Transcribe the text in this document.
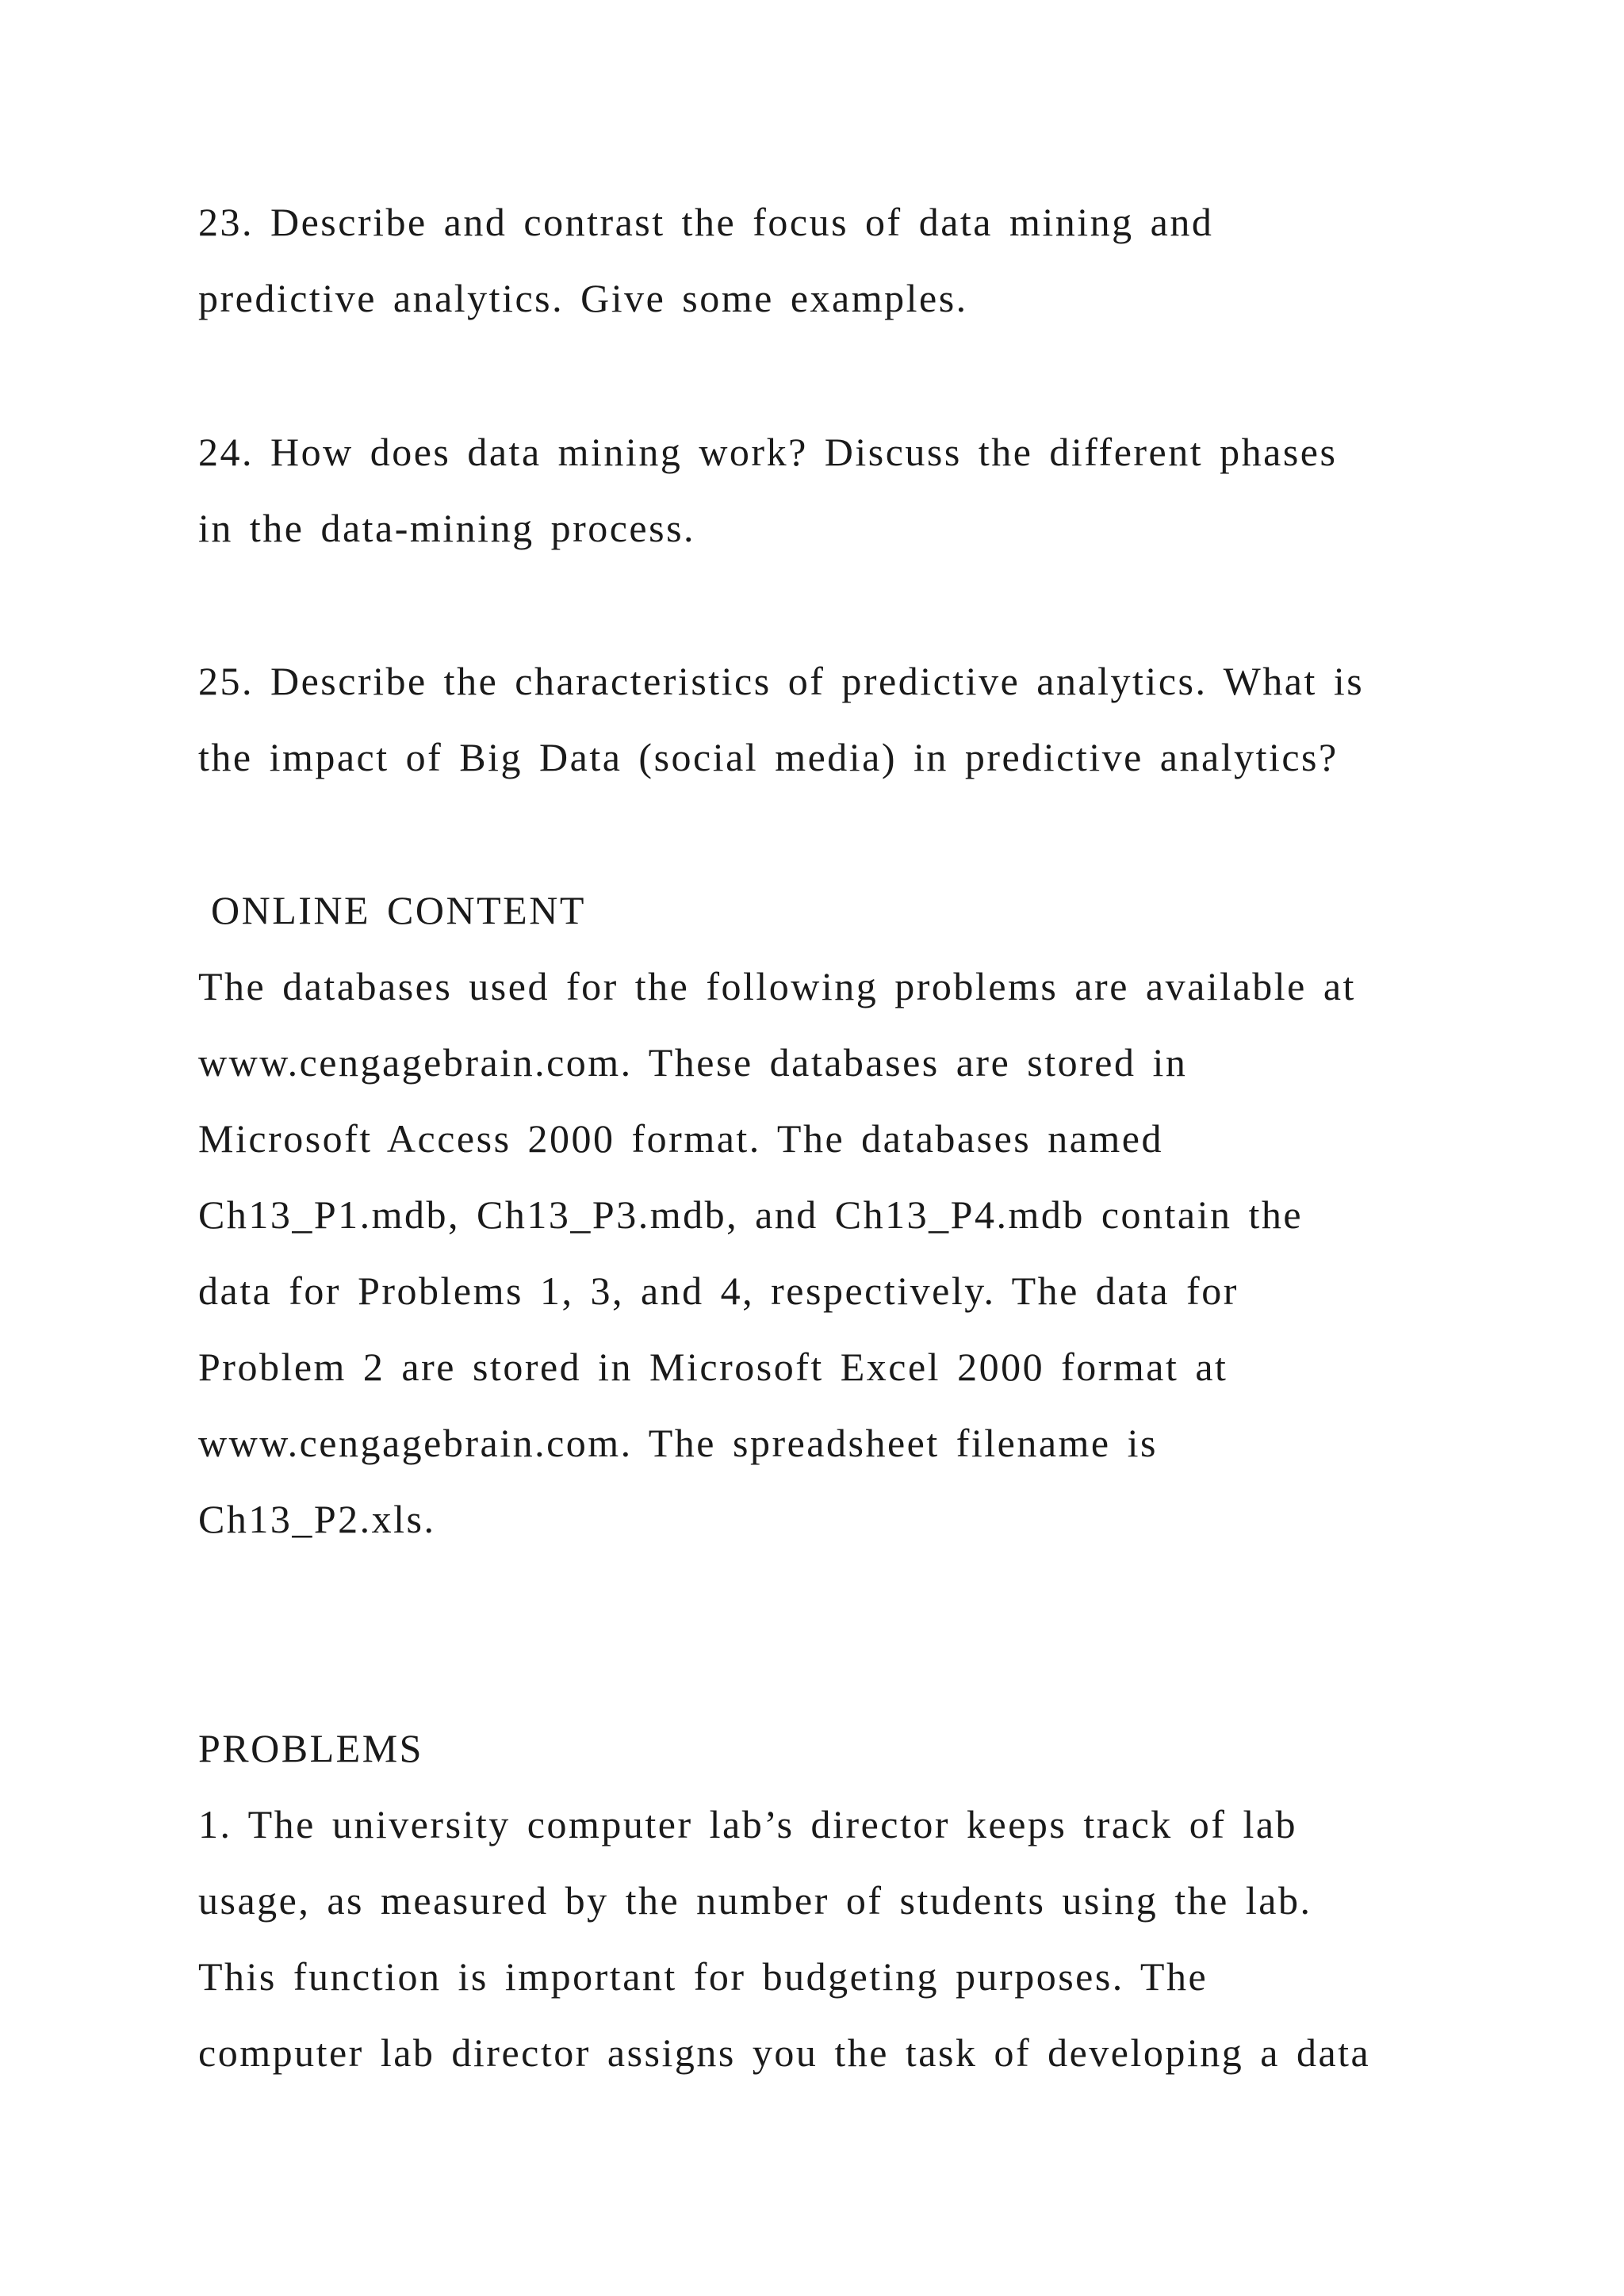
23. Describe and contrast the focus of data mining and

predictive analytics. Give some examples.

24. How does data mining work? Discuss the different phases

in the data-mining process.

25. Describe the characteristics of predictive analytics. What is

the impact of Big Data (social media) in predictive analytics?

ONLINE CONTENT

The databases used for the following problems are available at

www.cengagebrain.com. These databases are stored in

Microsoft Access 2000 format. The databases named

Ch13_P1.mdb, Ch13_P3.mdb, and Ch13_P4.mdb contain the

data for Problems 1, 3, and 4, respectively. The data for

Problem 2 are stored in Microsoft Excel 2000 format at

www.cengagebrain.com. The spreadsheet filename is

Ch13_P2.xls.

PROBLEMS

1. The university computer lab’s director keeps track of lab

usage, as measured by the number of students using the lab.

This function is important for budgeting purposes. The

computer lab director assigns you the task of developing a data
